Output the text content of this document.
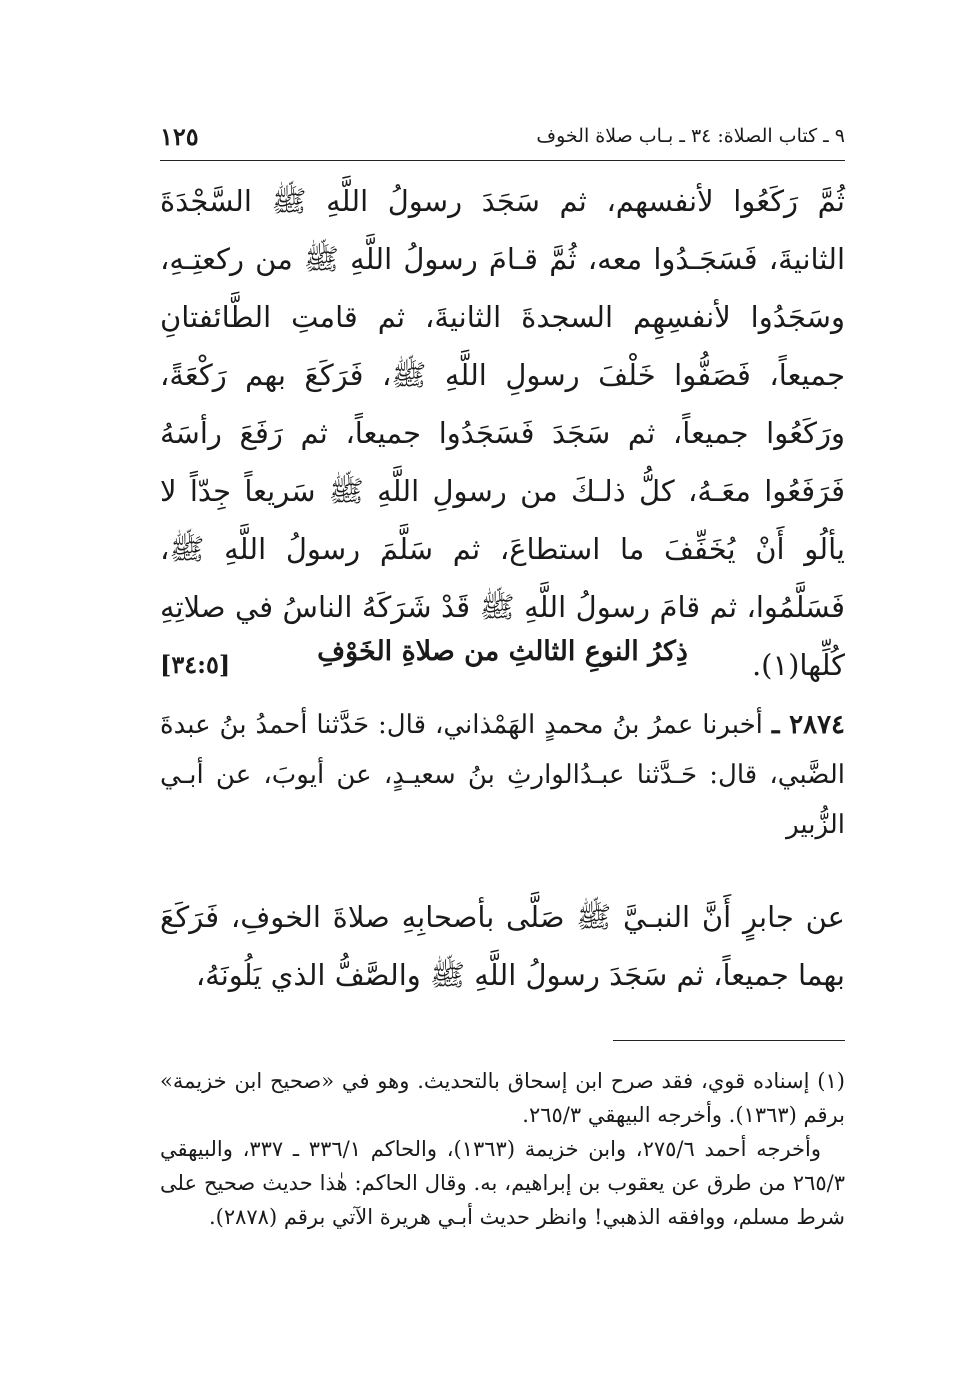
٩ ـ كتاب الصلاة: ٣٤ ـ بـاب صلاة الخوف
١٢٥

ثُمَّ رَكَعُوا لأنفسهم، ثم سَجَدَ رسولُ اللَّهِ ﷺ السَّجْدَةَ الثانيةَ، فَسَجَـدُوا معه، ثُمَّ قـامَ رسولُ اللَّهِ ﷺ من ركعتِـهِ، وسَجَدُوا لأنفسِهِم السجدةَ الثانيةَ، ثم قامتِ الطَّائفتانِ جميعاً، فَصَفُّوا خَلْفَ رسولِ اللَّهِ ﷺ، فَرَكَعَ بهم رَكْعَةً، ورَكَعُوا جميعاً، ثم سَجَدَ فَسَجَدُوا جميعاً، ثم رَفَعَ رأسَهُ فَرَفَعُوا معَـهُ، كلُّ ذلـكَ من رسولِ اللَّهِ ﷺ سَريعاً جِدّاً لا يألُو أَنْ يُخَفِّفَ ما استطاعَ، ثم سَلَّمَ رسولُ اللَّهِ ﷺ، فَسَلَّمُوا، ثم قامَ رسولُ اللَّهِ ﷺ قَدْ شَرَكَهُ الناسُ في صلاتِهِ كُلِّها(١).
[٣٤:٥]	ذِكرُ النوعِ الثالثِ من صلاةِ الخَوْفِ

٢٨٧٤ ـ أخبرنا عمرُ بنُ محمدٍ الهَمْذاني، قال: حَدَّثنا أحمدُ بنُ عبدةَ الضَّبي، قال: حَـدَّثنا عبـدُالوارثِ بنُ سعيـدٍ، عن أيوبَ، عن أبـي الزُّبير

عن جابرٍ أَنَّ النبـيَّ ﷺ صَلَّى بأصحابِهِ صلاةَ الخوفِ، فَرَكَعَ بهما جميعاً، ثم سَجَدَ رسولُ اللَّهِ ﷺ والصَّفُّ الذي يَلُونَهُ،

(١) إسناده قوي، فقد صرح ابن إسحاق بالتحديث. وهو في «صحيح ابن خزيمة» برقم (١٣٦٣). وأخرجه البيهقي ٢٦٥/٣.

وأخرجه أحمد ٢٧٥/٦، وابن خزيمة (١٣٦٣)، والحاكم ٣٣٦/١ ـ ٣٣٧، والبيهقي ٢٦٥/٣ من طرق عن يعقوب بن إبراهيم، به. وقال الحاكم: هٰذا حديث صحيح على شرط مسلم، ووافقه الذهبي! وانظر حديث أبـي هريرة الآتي برقم (٢٨٧٨).
